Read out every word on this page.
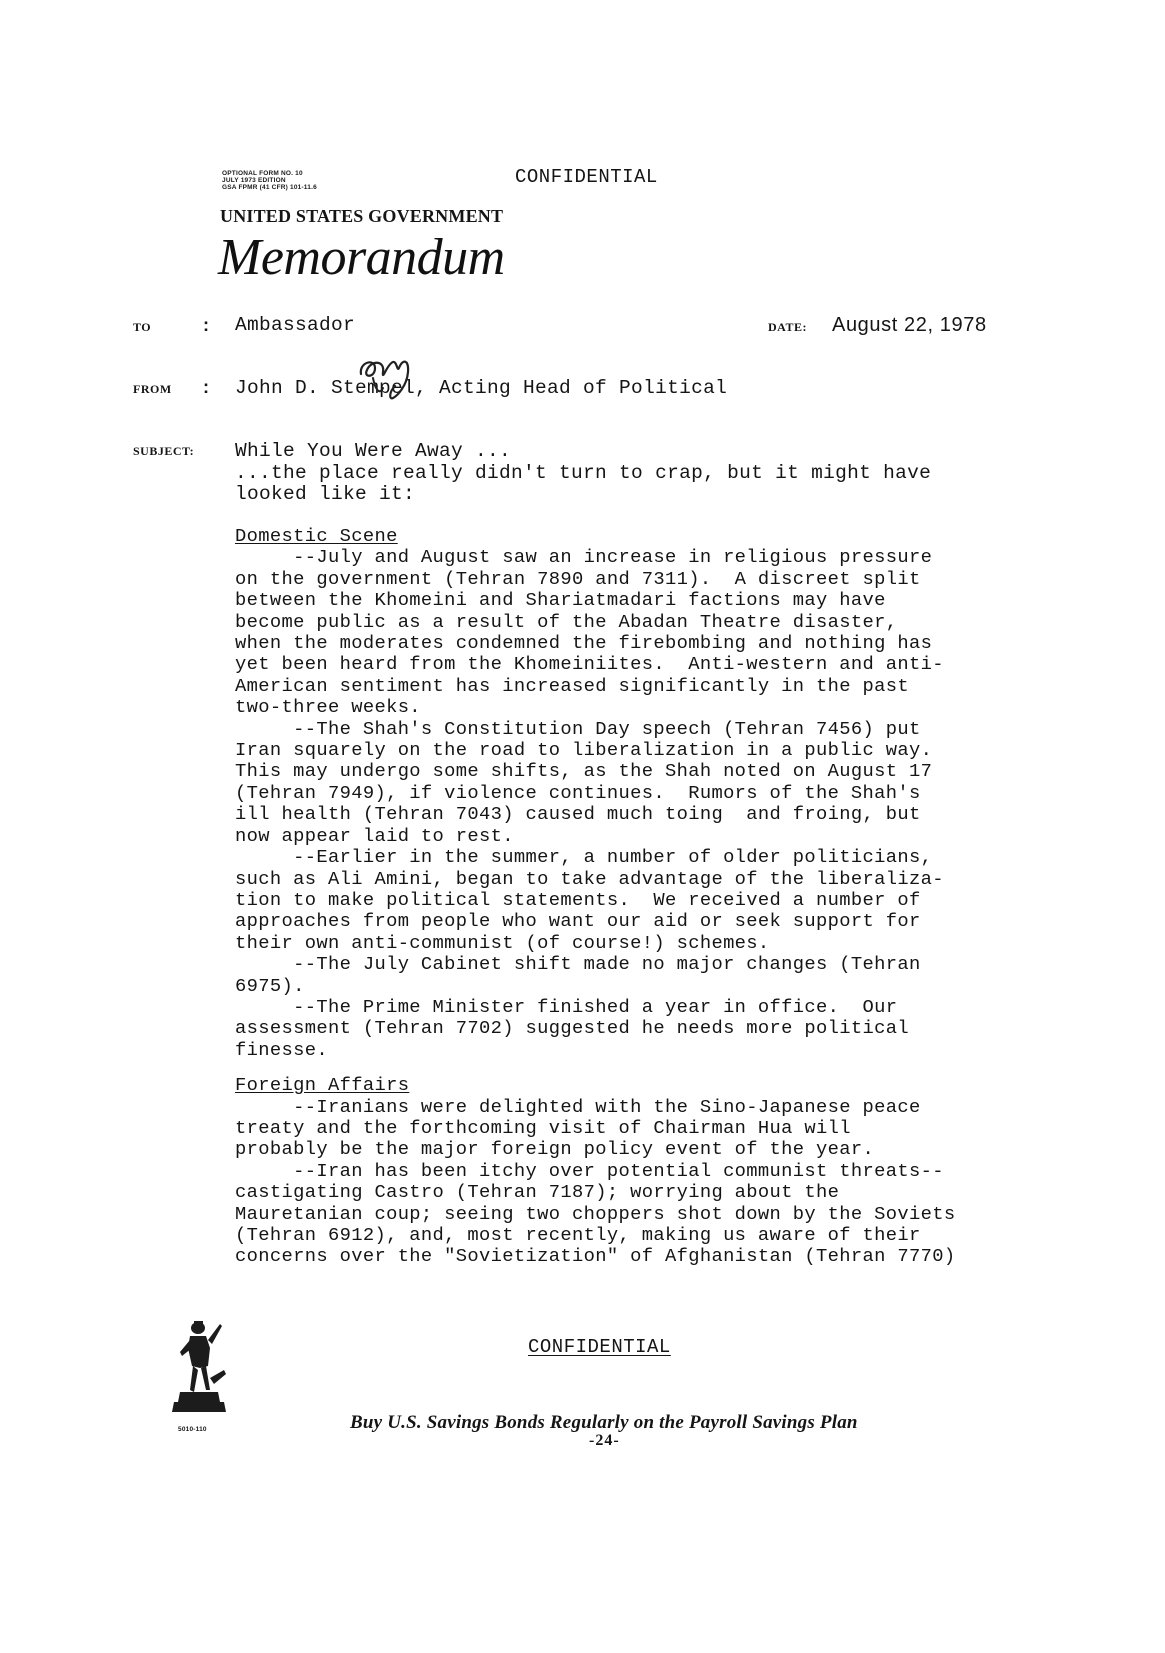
OPTIONAL FORM NO. 10
JULY 1973 EDITION
GSA FPMR (41 CFR) 101-11.6	CONFIDENTIAL
UNITED STATES GOVERNMENT
Memorandum
TO	: Ambassador	DATE: August 22, 1978
FROM : John D. Stempel, Acting Head of Political
SUBJECT: While You Were Away ...
...the place really didn't turn to crap, but it might have
looked like it:
Domestic Scene
--July and August saw an increase in religious pressure
on the government (Tehran 7890 and 7311).  A discreet split
between the Khomeini and Shariatmadari factions may have
become public as a result of the Abadan Theatre disaster,
when the moderates condemned the firebombing and nothing has
yet been heard from the Khomeiniites.  Anti-western and anti-
American sentiment has increased significantly in the past
two-three weeks.
--The Shah's Constitution Day speech (Tehran 7456) put
Iran squarely on the road to liberalization in a public way.
This may undergo some shifts, as the Shah noted on August 17
(Tehran 7949), if violence continues.  Rumors of the Shah's
ill health (Tehran 7043) caused much toing  and froing, but
now appear laid to rest.
--Earlier in the summer, a number of older politicians,
such as Ali Amini, began to take advantage of the liberaliza-
tion to make political statements.  We received a number of
approaches from people who want our aid or seek support for
their own anti-communist (of course!) schemes.
--The July Cabinet shift made no major changes (Tehran
6975).
--The Prime Minister finished a year in office.  Our
assessment (Tehran 7702) suggested he needs more political
finesse.
Foreign Affairs
--Iranians were delighted with the Sino-Japanese peace
treaty and the forthcoming visit of Chairman Hua will
probably be the major foreign policy event of the year.
--Iran has been itchy over potential communist threats--
castigating Castro (Tehran 7187); worrying about the
Mauretanian coup; seeing two choppers shot down by the Soviets
(Tehran 6912), and, most recently, making us aware of their
concerns over the "Sovietization" of Afghanistan (Tehran 7770)
CONFIDENTIAL
5010-110	Buy U.S. Savings Bonds Regularly on the Payroll Savings Plan
-24-
